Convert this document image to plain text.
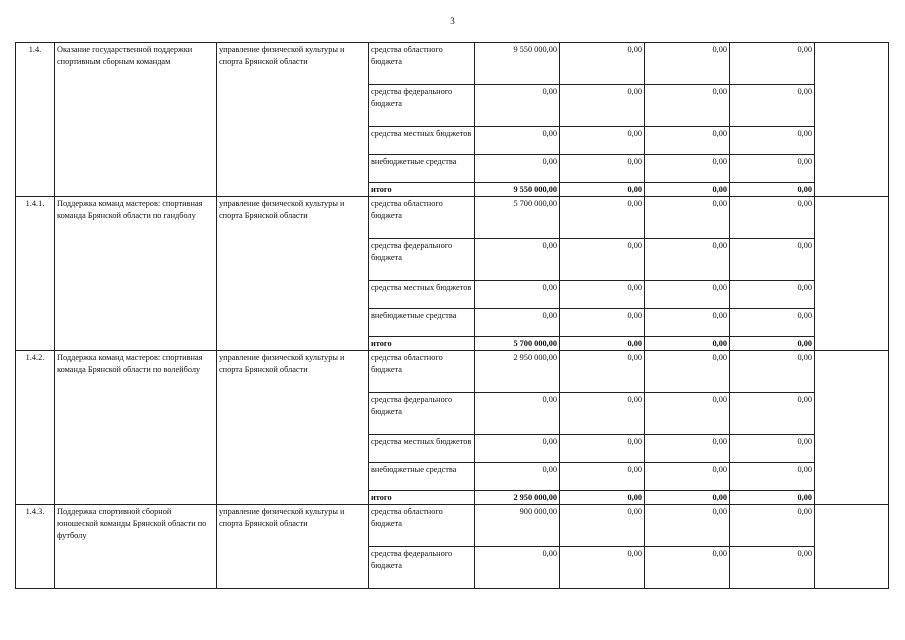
3
1.4.	Оказание государственной поддержки спортивным сборным командам	управление физической культуры и спорта Брянской области	средства областного бюджета	9 550 000,00	0,00	0,00	0,00	
			средства федерального бюджета	0,00	0,00	0,00	0,00	
			средства местных бюджетов	0,00	0,00	0,00	0,00	
			внебюджетные средства	0,00	0,00	0,00	0,00	
			итого	9 550 000,00	0,00	0,00	0,00	
1.4.1.	Поддержка команд мастеров: спортивная команда Брянской области по гандболу	управление физической культуры и спорта Брянской области	средства областного бюджета	5 700 000,00	0,00	0,00	0,00	
			средства федерального бюджета	0,00	0,00	0,00	0,00	
			средства местных бюджетов	0,00	0,00	0,00	0,00	
			внебюджетные средства	0,00	0,00	0,00	0,00	
			итого	5 700 000,00	0,00	0,00	0,00	
1.4.2.	Поддержка команд мастеров: спортивная команда Брянской области по волейболу	управление физической культуры и спорта Брянской области	средства областного бюджета	2 950 000,00	0,00	0,00	0,00	
			средства федерального бюджета	0,00	0,00	0,00	0,00	
			средства местных бюджетов	0,00	0,00	0,00	0,00	
			внебюджетные средства	0,00	0,00	0,00	0,00	
			итого	2 950 000,00	0,00	0,00	0,00	
1.4.3.	Поддержка спортивной сборной юношеской команды Брянской области по футболу	управление физической культуры и спорта Брянской области	средства областного бюджета	900 000,00	0,00	0,00	0,00	
			средства федерального бюджета	0,00	0,00	0,00	0,00	
